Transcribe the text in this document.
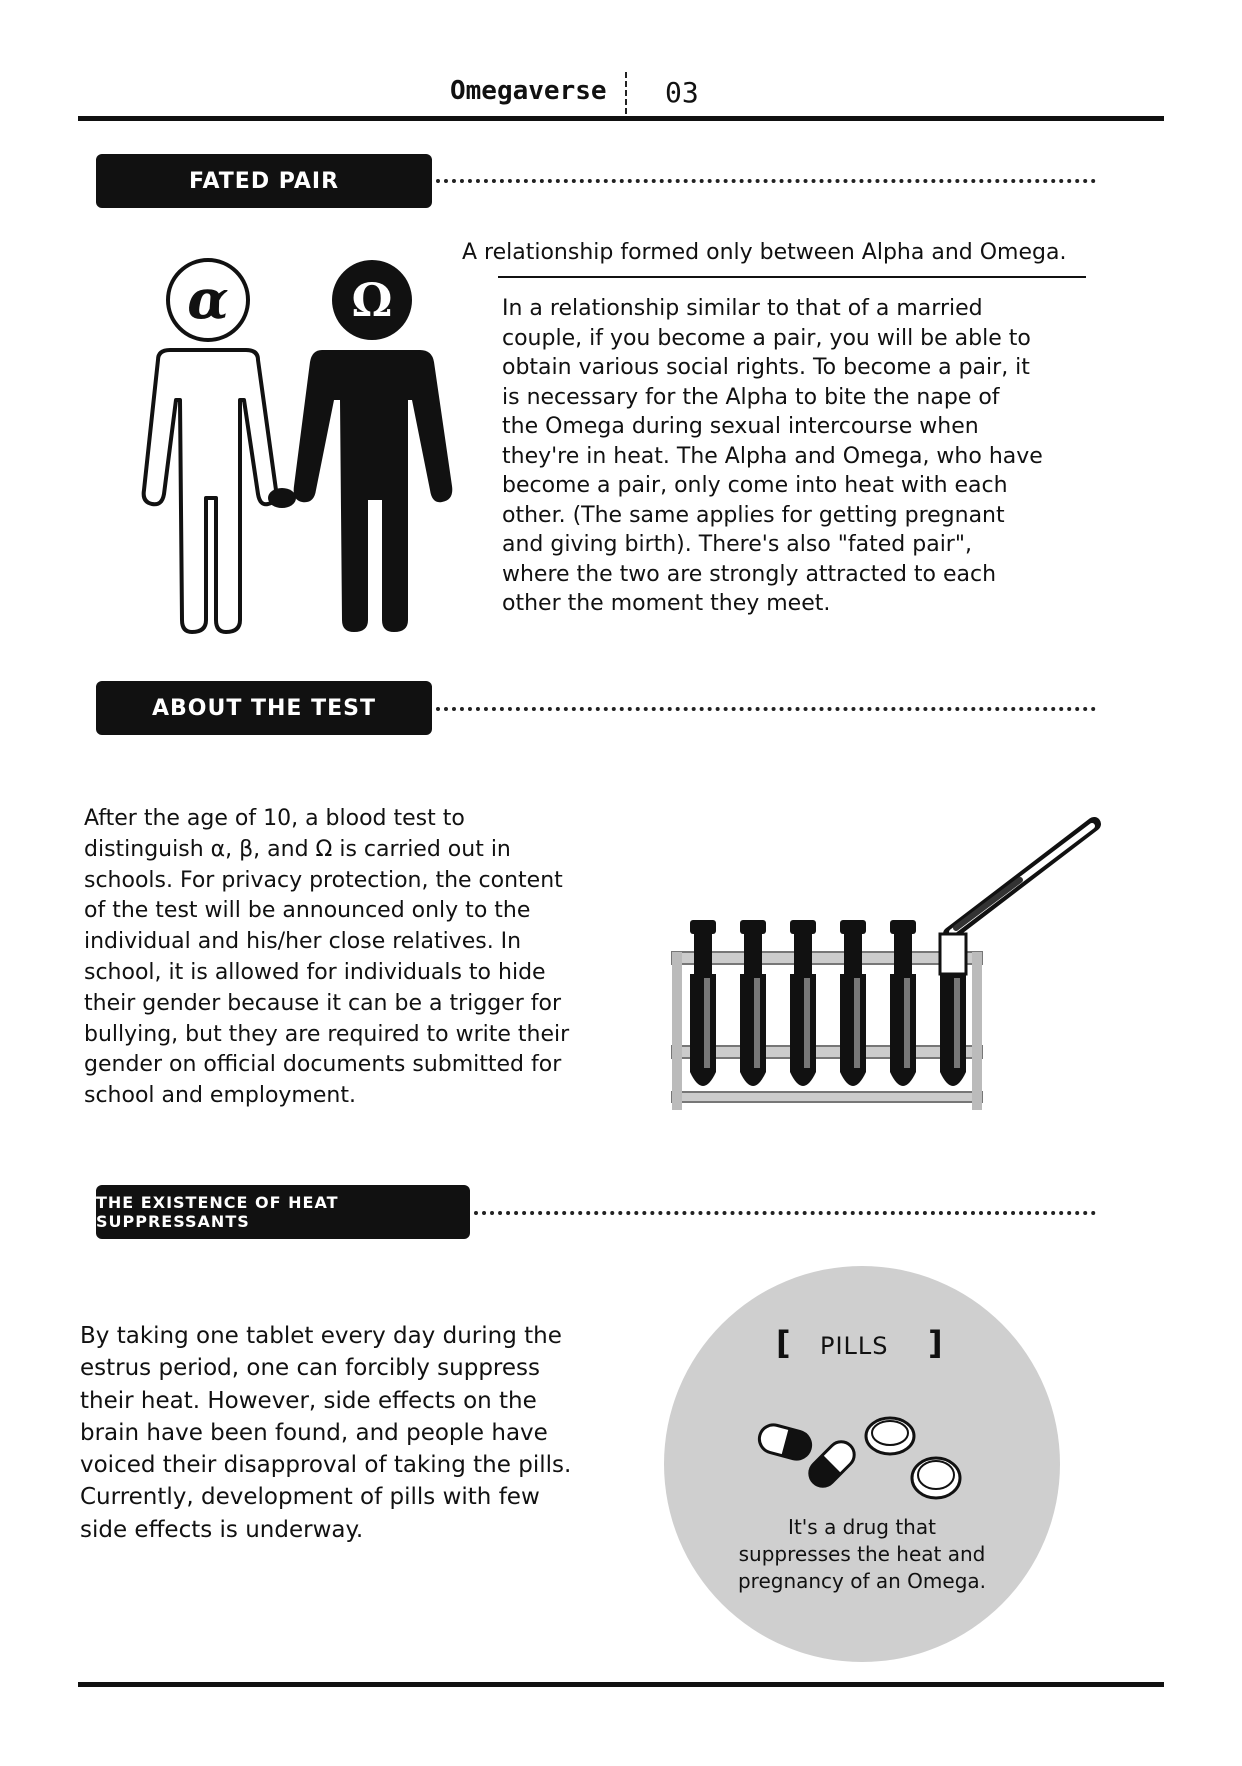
Omegaverse 03
FATED PAIR
α	Ω
A relationship formed only between Alpha and Omega.
In a relationship similar to that of a married
couple, if you become a pair, you will be able to
obtain various social rights. To become a pair, it
is necessary for the Alpha to bite the nape of
the Omega during sexual intercourse when
they're in heat. The Alpha and Omega, who have
become a pair, only come into heat with each
other. (The same applies for getting pregnant
and giving birth). There's also "fated pair",
where the two are strongly attracted to each
other the moment they meet.
ABOUT THE TEST
After the age of 10, a blood test to
distinguish α, β, and Ω is carried out in
schools. For privacy protection, the content
of the test will be announced only to the
individual and his/her close relatives. In
school, it is allowed for individuals to hide
their gender because it can be a trigger for
bullying, but they are required to write their
gender on official documents submitted for
school and employment.
THE EXISTENCE OF HEAT SUPPRESSANTS
By taking one tablet every day during the
estrus period, one can forcibly suppress
their heat. However, side effects on the
brain have been found, and people have
voiced their disapproval of taking the pills.
Currently, development of pills with few
side effects is underway.
[ PILLS ]
It's a drug that
suppresses the heat and
pregnancy of an Omega.
